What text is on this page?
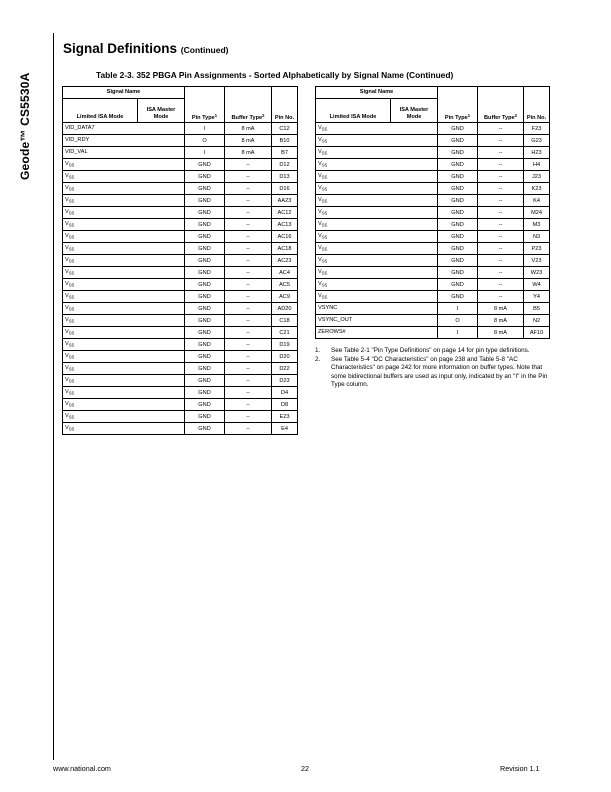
Geode™ CS5530A
Signal Definitions (Continued)
Table 2-3. 352 PBGA Pin Assignments - Sorted Alphabetically by Signal Name (Continued)
Signal Name		Pin Type$^1$	Buffer Type$^2$	Pin No.
Limited ISA Mode	ISA Master Mode			
VID_DATA7		I	8 mA	C12
VID_RDY		O	8 mA	B10
VID_VAL		I	8 mA	B7
$V_{SS}$		GND	--	D12
$V_{SS}$		GND	--	D13
$V_{SS}$		GND	--	D16
$V_{SS}$		GND	--	AA23
$V_{SS}$		GND	--	AC12
$V_{SS}$		GND	--	AC13
$V_{SS}$		GND	--	AC16
$V_{SS}$		GND	--	AC18
$V_{SS}$		GND	--	AC23
$V_{SS}$		GND	--	AC4
$V_{SS}$		GND	--	AC5
$V_{SS}$		GND	--	AC9
$V_{SS}$		GND	--	AD20
$V_{SS}$		GND	--	C18
$V_{SS}$		GND	--	C21
$V_{SS}$		GND	--	D19
$V_{SS}$		GND	--	D20
$V_{SS}$		GND	--	D22
$V_{SS}$		GND	--	D23
$V_{SS}$		GND	--	D4
$V_{SS}$		GND	--	D8
$V_{SS}$		GND	--	E23
$V_{SS}$		GND	--	E4
Signal Name		Pin Type$^1$	Buffer Type$^2$	Pin No.
Limited ISA Mode	ISA Master Mode			
$V_{SS}$		GND	--	F23
$V_{SS}$		GND	--	G23
$V_{SS}$		GND	--	H23
$V_{SS}$		GND	--	H4
$V_{SS}$		GND	--	J23
$V_{SS}$		GND	--	K23
$V_{SS}$		GND	--	K4
$V_{SS}$		GND	--	M24
$V_{SS}$		GND	--	M3
$V_{SS}$		GND	--	N3
$V_{SS}$		GND	--	P23
$V_{SS}$		GND	--	V23
$V_{SS}$		GND	--	W23
$V_{SS}$		GND	--	W4
$V_{SS}$		GND	--	Y4
VSYNC		I	8 mA	B5
VSYNC_OUT		O	8 mA	N2
ZEROWS#		I	8 mA	AF10
1.	See Table 2-1 "Pin Type Definitions" on page 14 for pin type definitions.
2.	See Table 5-4 "DC Characteristics" on page 238 and Table 5-8 "AC Characteristics" on page 242 for more information on buffer types. Note that some bidirectional buffers are used as input only, indicated by an "I" in the Pin Type column.
www.national.com	22	Revision 1.1
